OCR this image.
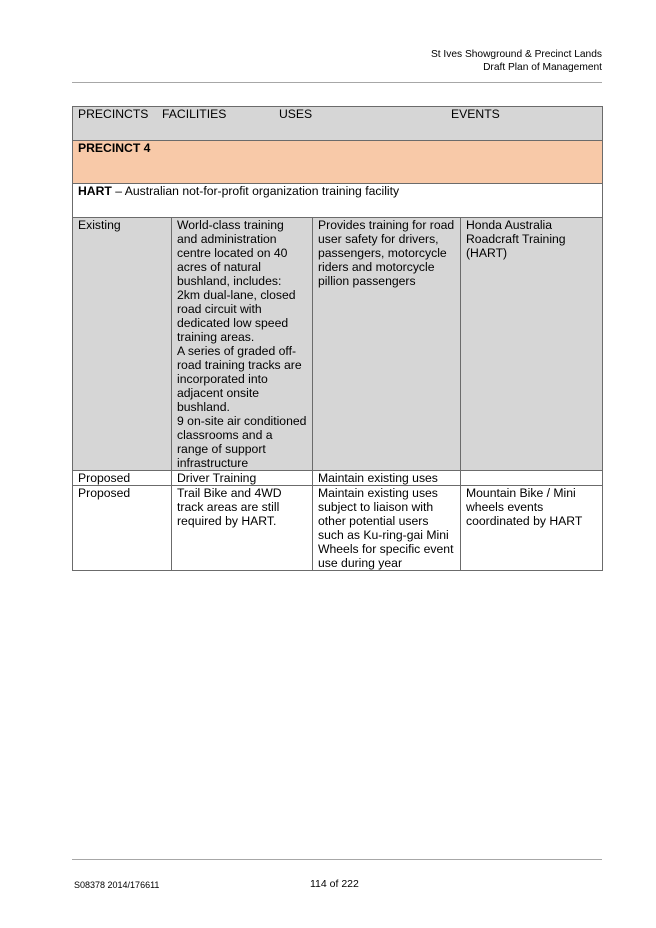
St Ives Showground & Precinct Lands
Draft Plan of Management
PRECINCTS FACILITIES USES EVENTS			

PRECINCT 4			
HART – Australian not-for-profit organization training facility			
Existing	World-class training and administration centre located on 40 acres of natural bushland, includes:
2km dual-lane, closed road circuit with dedicated low speed training areas.
A series of graded off-road training tracks are incorporated into adjacent onsite bushland.
9 on-site air conditioned classrooms and a range of support infrastructure	Provides training for road user safety for drivers, passengers, motorcycle riders and motorcycle pillion passengers	Honda Australia Roadcraft Training (HART)
Proposed	Driver Training	Maintain existing uses	
Proposed	Trail Bike and 4WD track areas are still required by HART.	Maintain existing uses subject to liaison with other potential users such as Ku-ring-gai Mini Wheels for specific event use during year	Mountain Bike / Mini wheels events coordinated by HART
S08378 2014/176611	114 of 222
